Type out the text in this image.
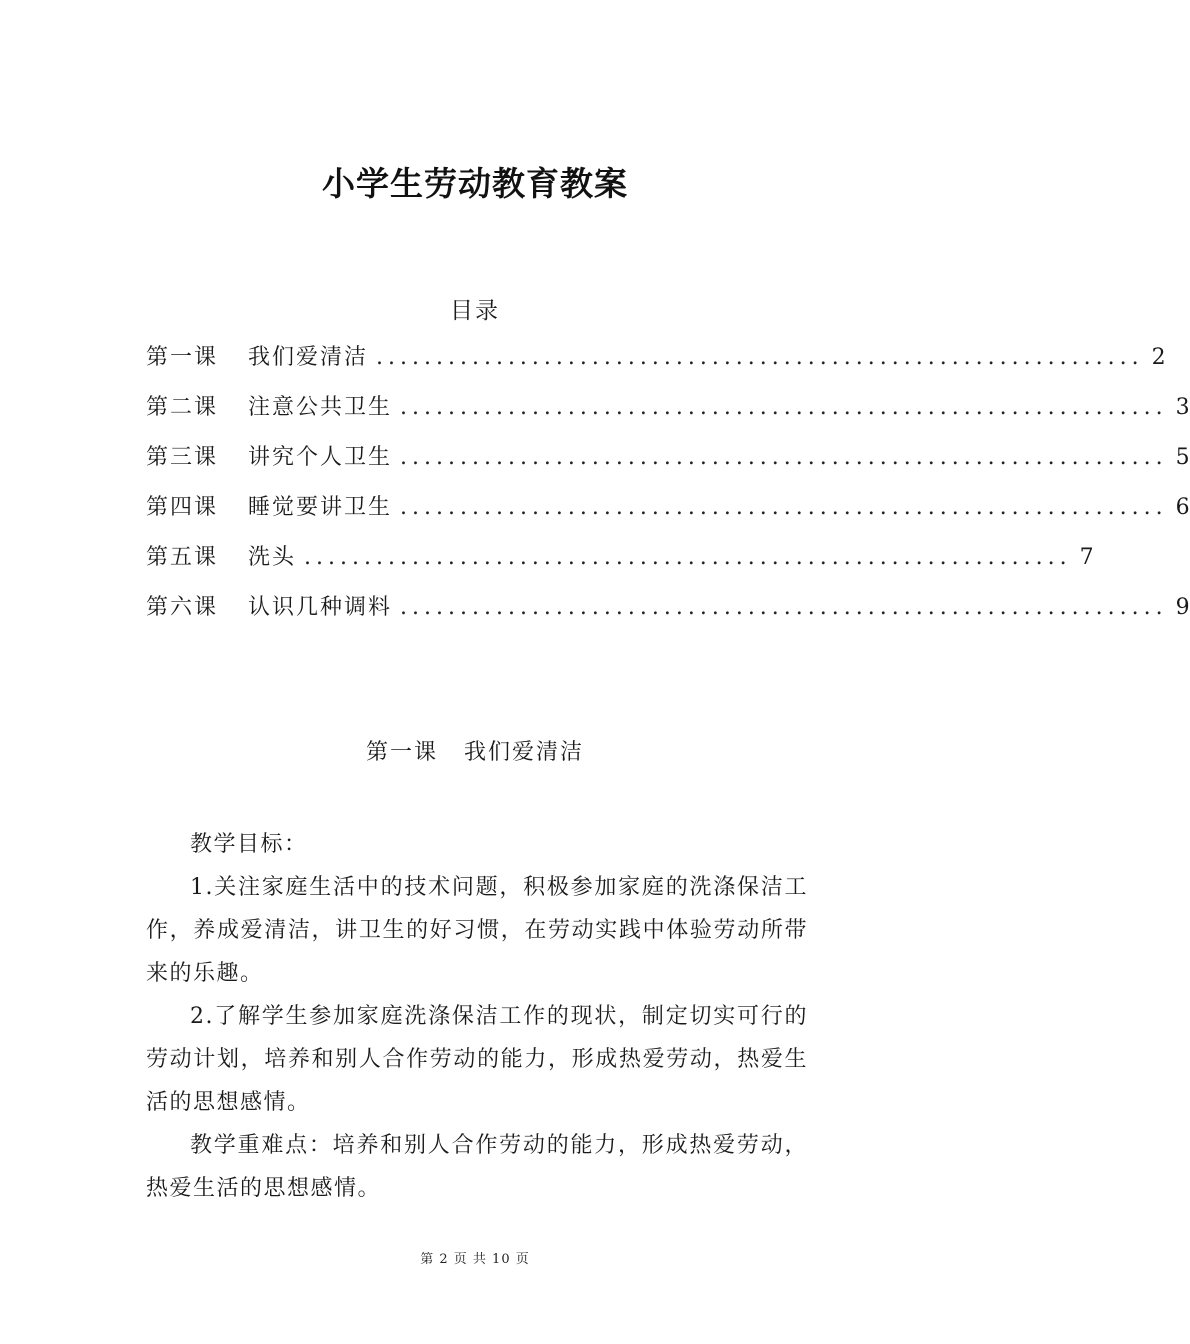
小学生劳动教育教案
目录
第一课	我们爱清洁 ................................................................ 2
第二课	注意公共卫生 ................................................................ 3
第三课	讲究个人卫生 ................................................................ 5
第四课	睡觉要讲卫生 ................................................................ 6
第五课	洗头 ................................................................ 7
第六课	认识几种调料 ................................................................ 9
第一课 我们爱清洁

教学目标：

1.关注家庭生活中的技术问题，积极参加家庭的洗涤保洁工作，养成爱清洁，讲卫生的好习惯，在劳动实践中体验劳动所带来的乐趣。

2.了解学生参加家庭洗涤保洁工作的现状，制定切实可行的劳动计划，培养和别人合作劳动的能力，形成热爱劳动，热爱生活的思想感情。

教学重难点：培养和别人合作劳动的能力，形成热爱劳动，热爱生活的思想感情。

第 2 页 共 10 页
